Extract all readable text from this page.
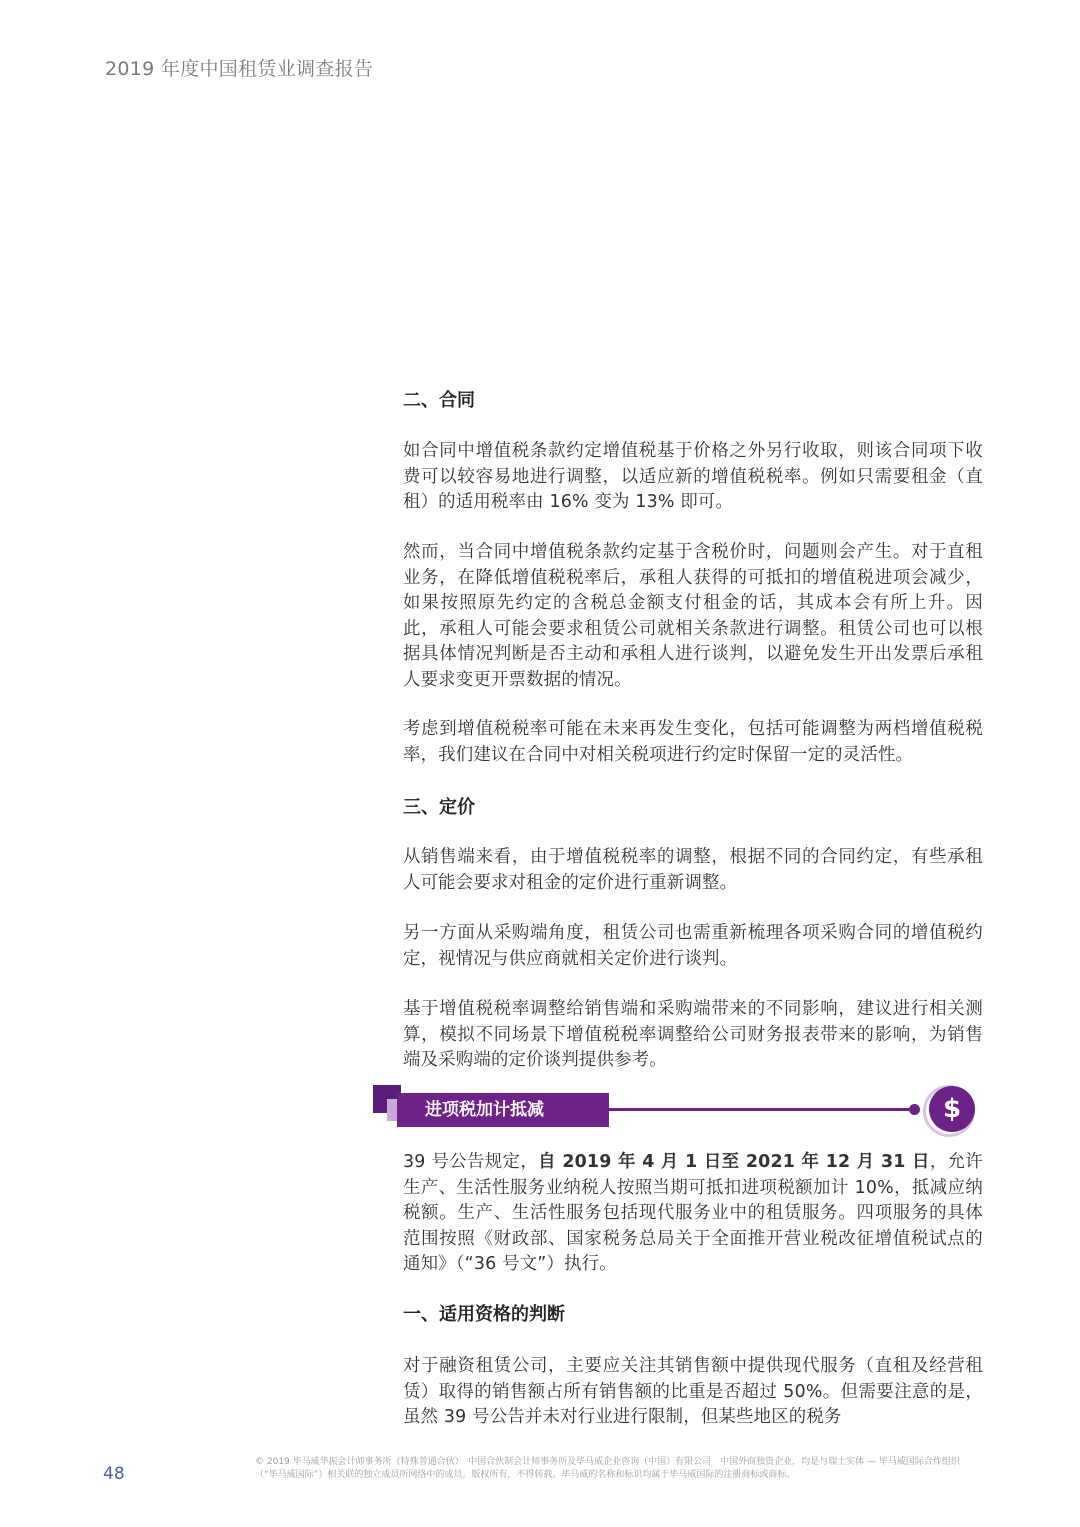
2019 年度中国租赁业调查报告

二、合同

如合同中增值税条款约定增值税基于价格之外另行收取，则该合同项下收费可以较容易地进行调整，以适应新的增值税税率。例如只需要租金（直租）的适用税率由 16% 变为 13% 即可。

然而，当合同中增值税条款约定基于含税价时，问题则会产生。对于直租业务，在降低增值税税率后，承租人获得的可抵扣的增值税进项会减少，如果按照原先约定的含税总金额支付租金的话，其成本会有所上升。因此，承租人可能会要求租赁公司就相关条款进行调整。租赁公司也可以根据具体情况判断是否主动和承租人进行谈判，以避免发生开出发票后承租人要求变更开票数据的情况。

考虑到增值税税率可能在未来再发生变化，包括可能调整为两档增值税税率，我们建议在合同中对相关税项进行约定时保留一定的灵活性。

三、定价

从销售端来看，由于增值税税率的调整，根据不同的合同约定，有些承租人可能会要求对租金的定价进行重新调整。

另一方面从采购端角度，租赁公司也需重新梳理各项采购合同的增值税约定，视情况与供应商就相关定价进行谈判。

基于增值税税率调整给销售端和采购端带来的不同影响，建议进行相关测算，模拟不同场景下增值税税率调整给公司财务报表带来的影响，为销售端及采购端的定价谈判提供参考。

进项税加计抵减	$

39 号公告规定，自 2019 年 4 月 1 日至 2021 年 12 月 31 日，允许生产、生活性服务业纳税人按照当期可抵扣进项税额加计 10%，抵减应纳税额。生产、生活性服务包括现代服务业中的租赁服务。四项服务的具体范围按照《财政部、国家税务总局关于全面推开营业税改征增值税试点的通知》（“36 号文”）执行。

一、适用资格的判断

对于融资租赁公司，主要应关注其销售额中提供现代服务（直租及经营租赁）取得的销售额占所有销售额的比重是否超过 50%。但需要注意的是，虽然 39 号公告并未对行业进行限制，但某些地区的税务

48
© 2019 毕马威华振会计师事务所（特殊普通合伙）　中国合伙制会计师事务所及毕马威企业咨询（中国）有限公司　中国外商独资企业，均是与瑞士实体 — 毕马威国际合作组织（“毕马威国际”）相关联的独立成员所网络中的成员。版权所有，不得转载。毕马威的名称和标识均属于毕马威国际的注册商标或商标。
